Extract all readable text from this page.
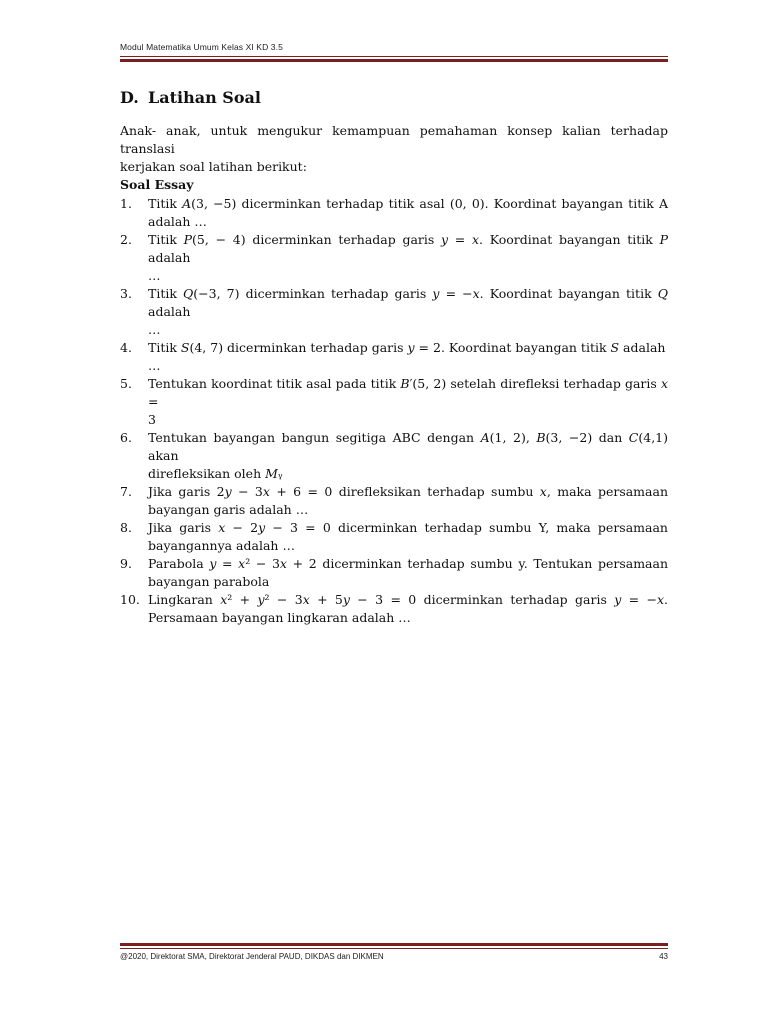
Modul Matematika Umum Kelas XI KD 3.5
D. Latihan Soal
Anak- anak, untuk mengukur kemampuan pemahaman konsep kalian terhadap translasi
kerjakan soal latihan berikut:
Soal Essay
1.	Titik 𝐴(3, −5) dicerminkan terhadap titik asal (0, 0). Koordinat bayangan titik A
adalah …
2.	Titik 𝑃(5, − 4) dicerminkan terhadap garis 𝑦 = 𝑥. Koordinat bayangan titik 𝑃 adalah
…
3.	Titik 𝑄(−3, 7) dicerminkan terhadap garis 𝑦 = −𝑥. Koordinat bayangan titik 𝑄 adalah
…
4.	Titik 𝑆(4, 7) dicerminkan terhadap garis 𝑦 = 2. Koordinat bayangan titik 𝑆 adalah …
5.	Tentukan koordinat titik asal pada titik 𝐵′(5, 2) setelah direfleksi terhadap garis 𝑥 =
3
6.	Tentukan bayangan bangun segitiga ABC dengan 𝐴(1, 2), 𝐵(3, −2) dan 𝐶(4,1) akan
direfleksikan oleh 𝑀ᵧ
7.	Jika garis 2𝑦 − 3𝑥 + 6 = 0 direfleksikan terhadap sumbu 𝑥, maka persamaan
bayangan garis adalah …
8.	Jika garis 𝑥 − 2𝑦 − 3 = 0 dicerminkan terhadap sumbu Y, maka persamaan
bayangannya adalah …
9.	Parabola 𝑦 = 𝑥² − 3𝑥 + 2 dicerminkan terhadap sumbu y. Tentukan persamaan
bayangan parabola
10. Lingkaran 𝑥² + 𝑦² − 3𝑥 + 5𝑦 − 3 = 0 dicerminkan terhadap garis 𝑦 = −𝑥.
Persamaan bayangan lingkaran adalah …
@2020, Direktorat SMA, Direktorat Jenderal PAUD, DIKDAS dan DIKMEN	43
